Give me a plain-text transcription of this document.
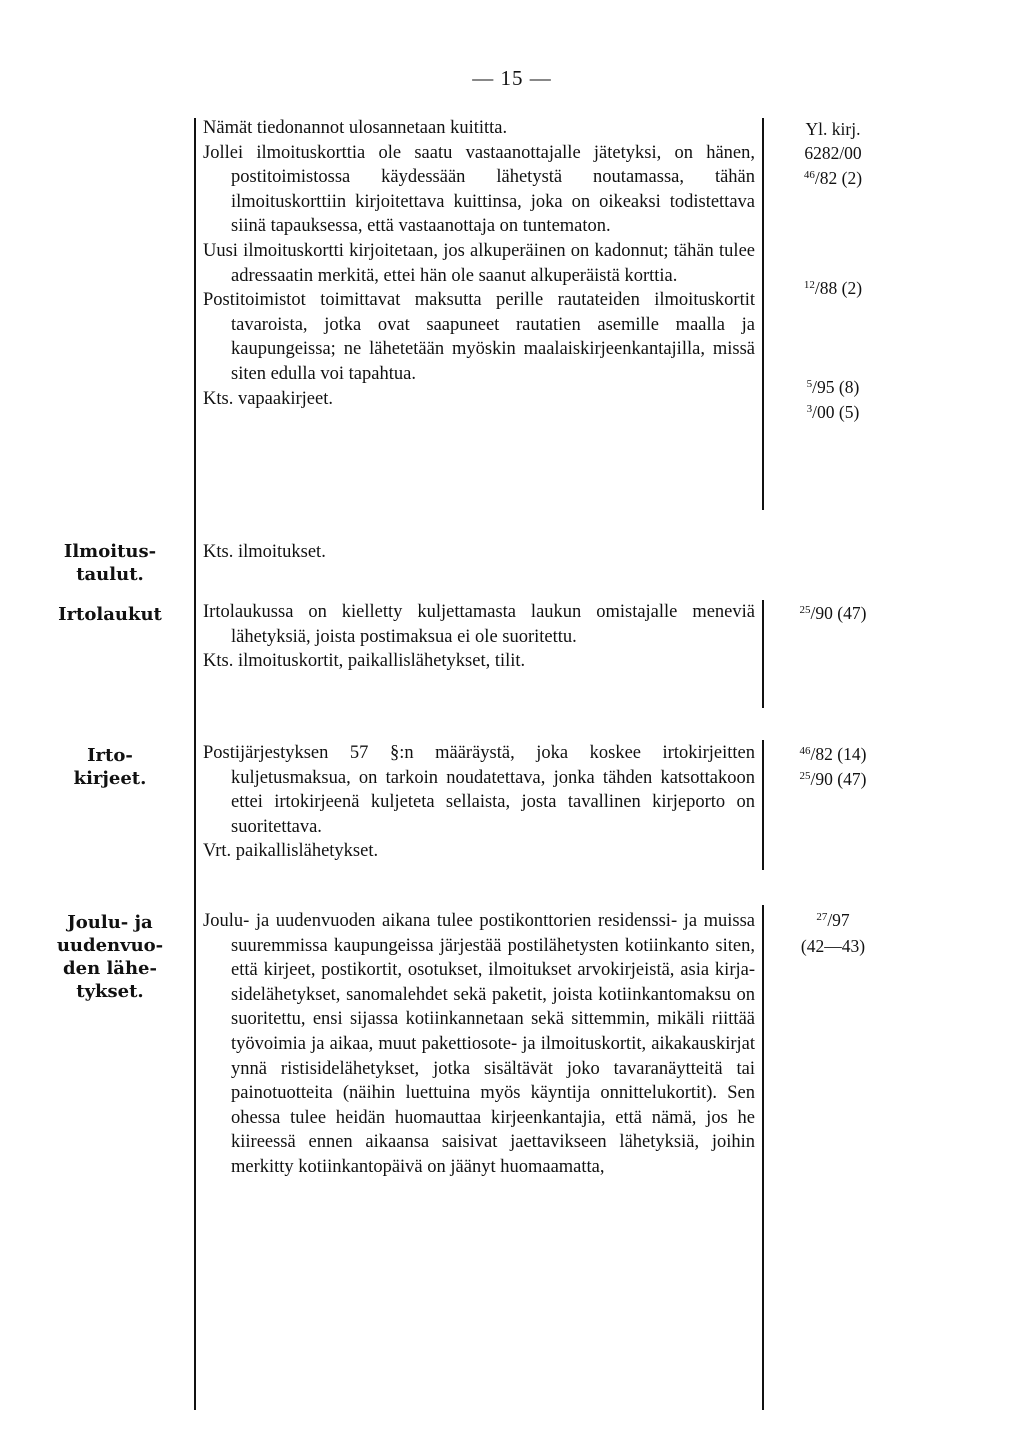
— 15 —

Nämät tiedonannot ulosannetaan kuitittа.

Jollei ilmoituskorttia ole saatu vastaanottajalle jätetyksi, on hänen, postitoimistossa käydessään lähetystä noutamassa, tähän ilmoituskorttiin kirjoitettava kuittinsa, joka on oikeaksi todistettava siinä tapauksessa, että vastaanottaja on tuntematon.

Uusi ilmoituskortti kirjoitetaan, jos alkuperäinen on kadonnut; tähän tulee adressaatin merkitä, ettei hän ole saanut alkuperäistä korttia.

Postitoimistot toimittavat maksutta perille rautateiden ilmoituskortit tavaroista, jotka ovat saapuneet rautatien asemille maalla ja kaupungeissa; ne lähetetään myöskin maalaiskirjeenkantajilla, missä siten edulla voi tapahtua.

Kts. vapaakirjeet.

Yl. kirj.
6282/00
$^{46}$/82 (2)
$^{12}$/88 (2)
$^5$/95 (8)
$^3$/00 (5)
Ilmoitus-
taulut.

Kts. ilmoitukset.

Irtolaukut	Irtolaukussa on kielletty kuljettamasta laukun omistajalle meneviä lähetyksiä, joista postimaksua ei ole suoritettu.

Kts. ilmoituskortit, paikallislähetykset, tilit.

$^{25}$/90 (47)
Irto-
kirjeet.

Postijärjestyksen 57 §:n määräystä, joka koskee irtokirjeitten kuljetusmaksua, on tarkoin noudatettava, jonka tähden katsottakoon ettei irtokirjeenä kuljeteta sellaista, josta tavallinen kirjeporto on suoritettava.

Vrt. paikallislähetykset.

$^{46}$/82 (14)
$^{25}$/90 (47)
Joulu- ja
uudenvuo-
den lähe-
tykset.

Joulu- ja uudenvuoden aikana tulee postikonttorien residenssi- ja muissa suuremmissa kaupungeissa järjestää postilähetysten kotiinkanto siten, että kirjeet, postikortit, osotukset, ilmoitukset arvokirjeistä, asia kirja-sidelähetykset, sanomalehdet sekä paketit, joista kotiinkantomaksu on suoritettu, ensi sijassa kotiinkannetaan sekä sittemmin, mikäli riittää työvoimia ja aikaa, muut pakettiosote- ja ilmoituskortit, aikakauskirjat ynnä ristisidelähetykset, jotka sisältävät joko tavaranäytteitä tai painotuotteita (näihin luettuina myös käyntija onnittelukortit). Sen ohessa tulee heidän huomauttaa kirjeenkantajia, että nämä, jos he kiireessä ennen aikaansa saisivat jaettavikseen lähetyksiä, joihin merkitty kotiinkantopäivä on jäänyt huomaamatta,

$^{27}$/97
(42—43)
